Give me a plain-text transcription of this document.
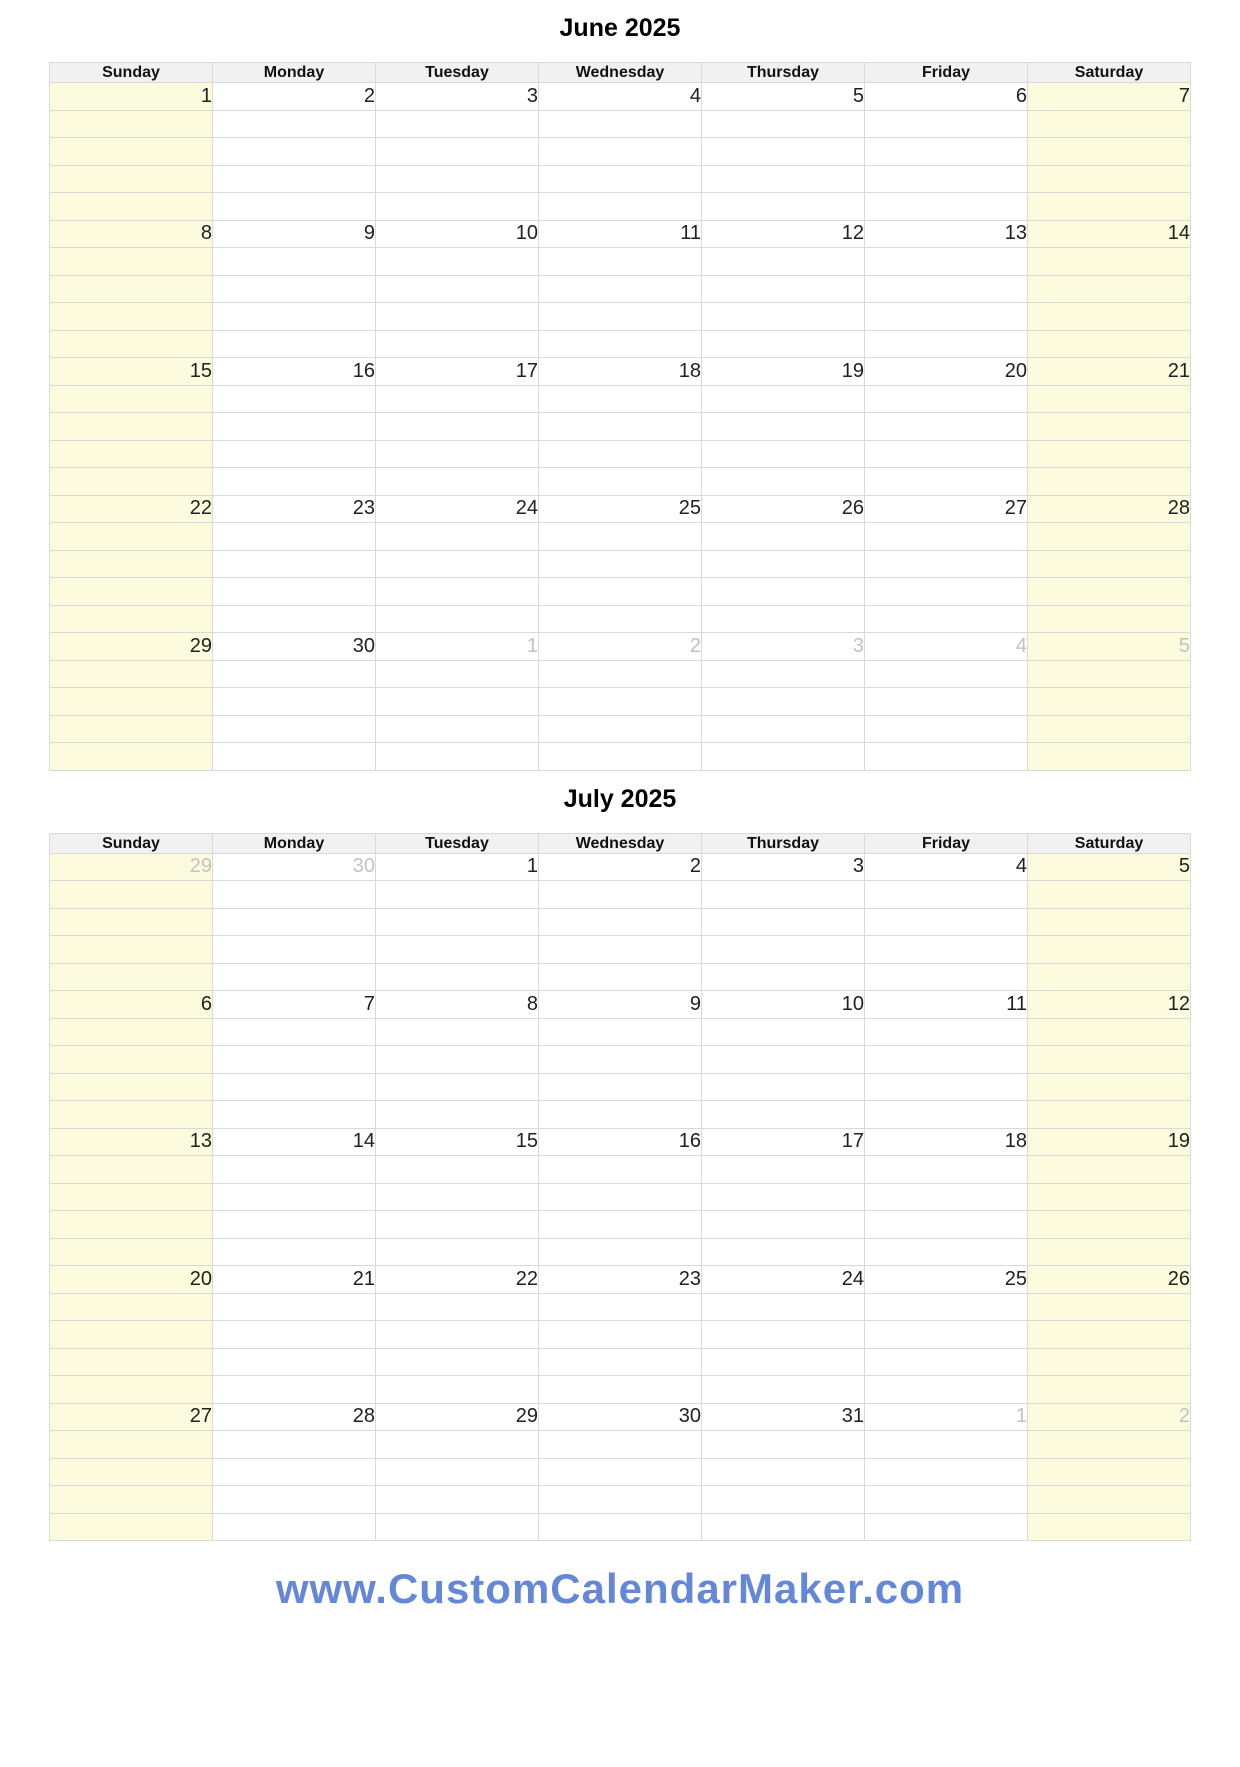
June 2025
Sunday	Monday	Tuesday	Wednesday	Thursday	Friday	Saturday
1	2	3	4	5	6	7

8	9	10	11	12	13	14

15	16	17	18	19	20	21

22	23	24	25	26	27	28

29	30	1	2	3	4	5

July 2025
Sunday	Monday	Tuesday	Wednesday	Thursday	Friday	Saturday
29	30	1	2	3	4	5

6	7	8	9	10	11	12

13	14	15	16	17	18	19

20	21	22	23	24	25	26

27	28	29	30	31	1	2

www.CustomCalendarMaker.com
